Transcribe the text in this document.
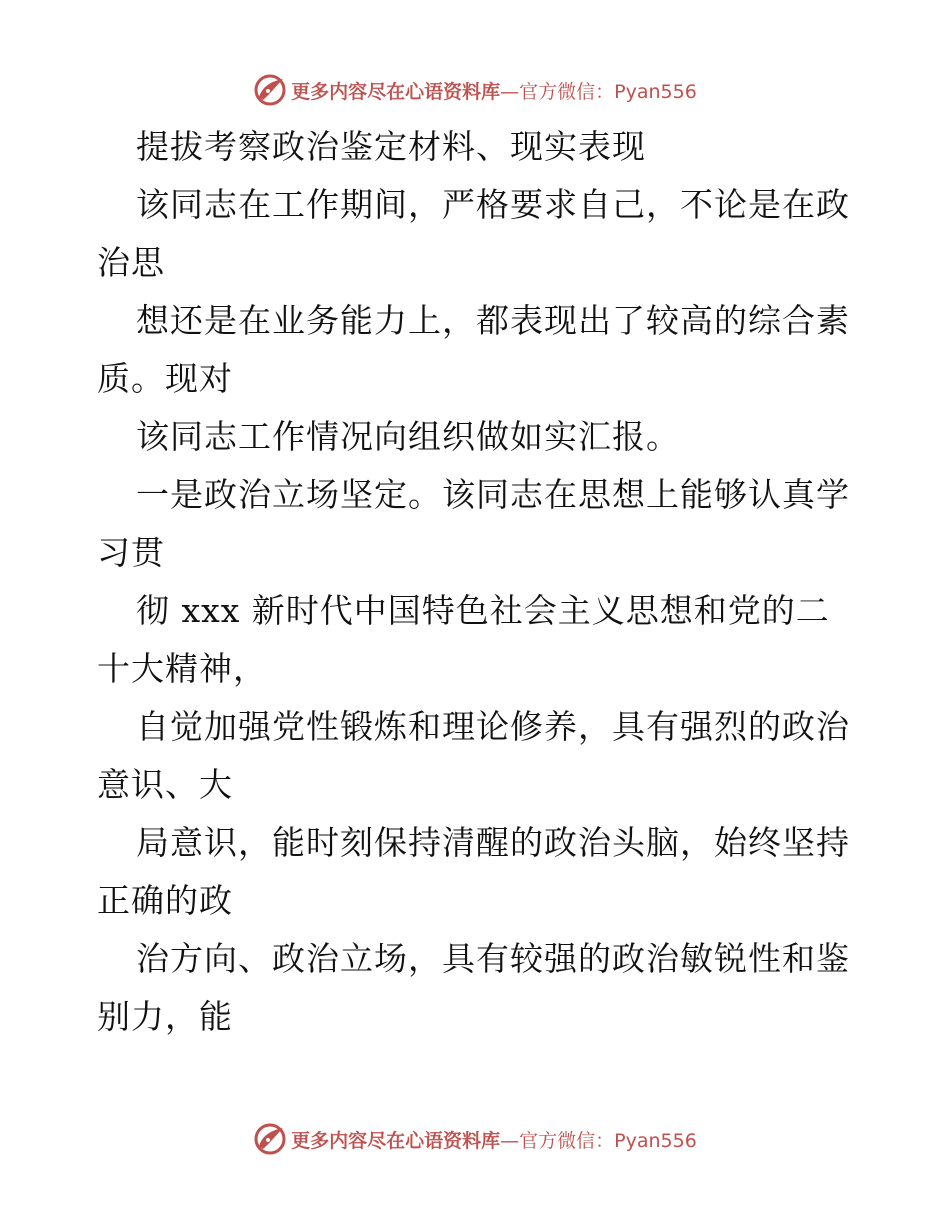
更多内容尽在心语资料库—官方微信：Pyan556
提拔考察政治鉴定材料、现实表现
该同志在工作期间，严格要求自己，不论是在政
治思
想还是在业务能力上，都表现出了较高的综合素
质。现对
该同志工作情况向组织做如实汇报。
一是政治立场坚定。该同志在思想上能够认真学
习贯
彻 xxx 新时代中国特色社会主义思想和党的二
十大精神，
自觉加强党性锻炼和理论修养，具有强烈的政治
意识、大
局意识，能时刻保持清醒的政治头脑，始终坚持
正确的政
治方向、政治立场，具有较强的政治敏锐性和鉴
别力，能
更多内容尽在心语资料库—官方微信：Pyan556
